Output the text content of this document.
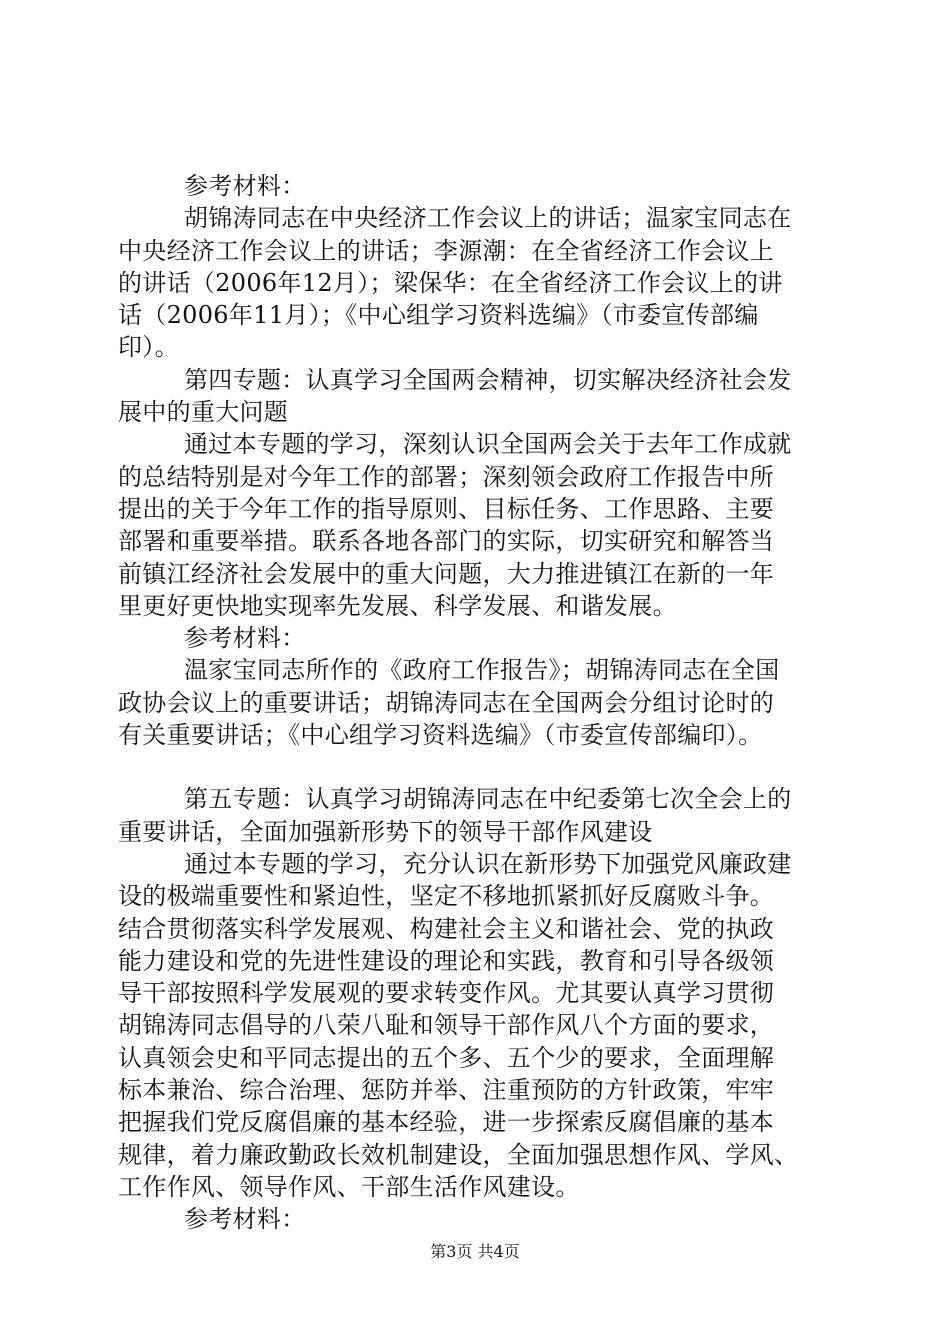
参考材料：
胡锦涛同志在中央经济工作会议上的讲话；温家宝同志在
中央经济工作会议上的讲话；李源潮：在全省经济工作会议上
的讲话（2006年12月）；梁保华：在全省经济工作会议上的讲
话（2006年11月）；《中心组学习资料选编》（市委宣传部编
印）。
第四专题：认真学习全国两会精神，切实解决经济社会发
展中的重大问题
通过本专题的学习，深刻认识全国两会关于去年工作成就
的总结特别是对今年工作的部署；深刻领会政府工作报告中所
提出的关于今年工作的指导原则、目标任务、工作思路、主要
部署和重要举措。联系各地各部门的实际，切实研究和解答当
前镇江经济社会发展中的重大问题，大力推进镇江在新的一年
里更好更快地实现率先发展、科学发展、和谐发展。
参考材料：
温家宝同志所作的《政府工作报告》；胡锦涛同志在全国
政协会议上的重要讲话；胡锦涛同志在全国两会分组讨论时的
有关重要讲话；《中心组学习资料选编》（市委宣传部编印）。
第五专题：认真学习胡锦涛同志在中纪委第七次全会上的
重要讲话，全面加强新形势下的领导干部作风建设
通过本专题的学习，充分认识在新形势下加强党风廉政建
设的极端重要性和紧迫性，坚定不移地抓紧抓好反腐败斗争。
结合贯彻落实科学发展观、构建社会主义和谐社会、党的执政
能力建设和党的先进性建设的理论和实践，教育和引导各级领
导干部按照科学发展观的要求转变作风。尤其要认真学习贯彻
胡锦涛同志倡导的八荣八耻和领导干部作风八个方面的要求，
认真领会史和平同志提出的五个多、五个少的要求，全面理解
标本兼治、综合治理、惩防并举、注重预防的方针政策，牢牢
把握我们党反腐倡廉的基本经验，进一步探索反腐倡廉的基本
规律，着力廉政勤政长效机制建设，全面加强思想作风、学风、
工作作风、领导作风、干部生活作风建设。
参考材料：
第3页 共4页
